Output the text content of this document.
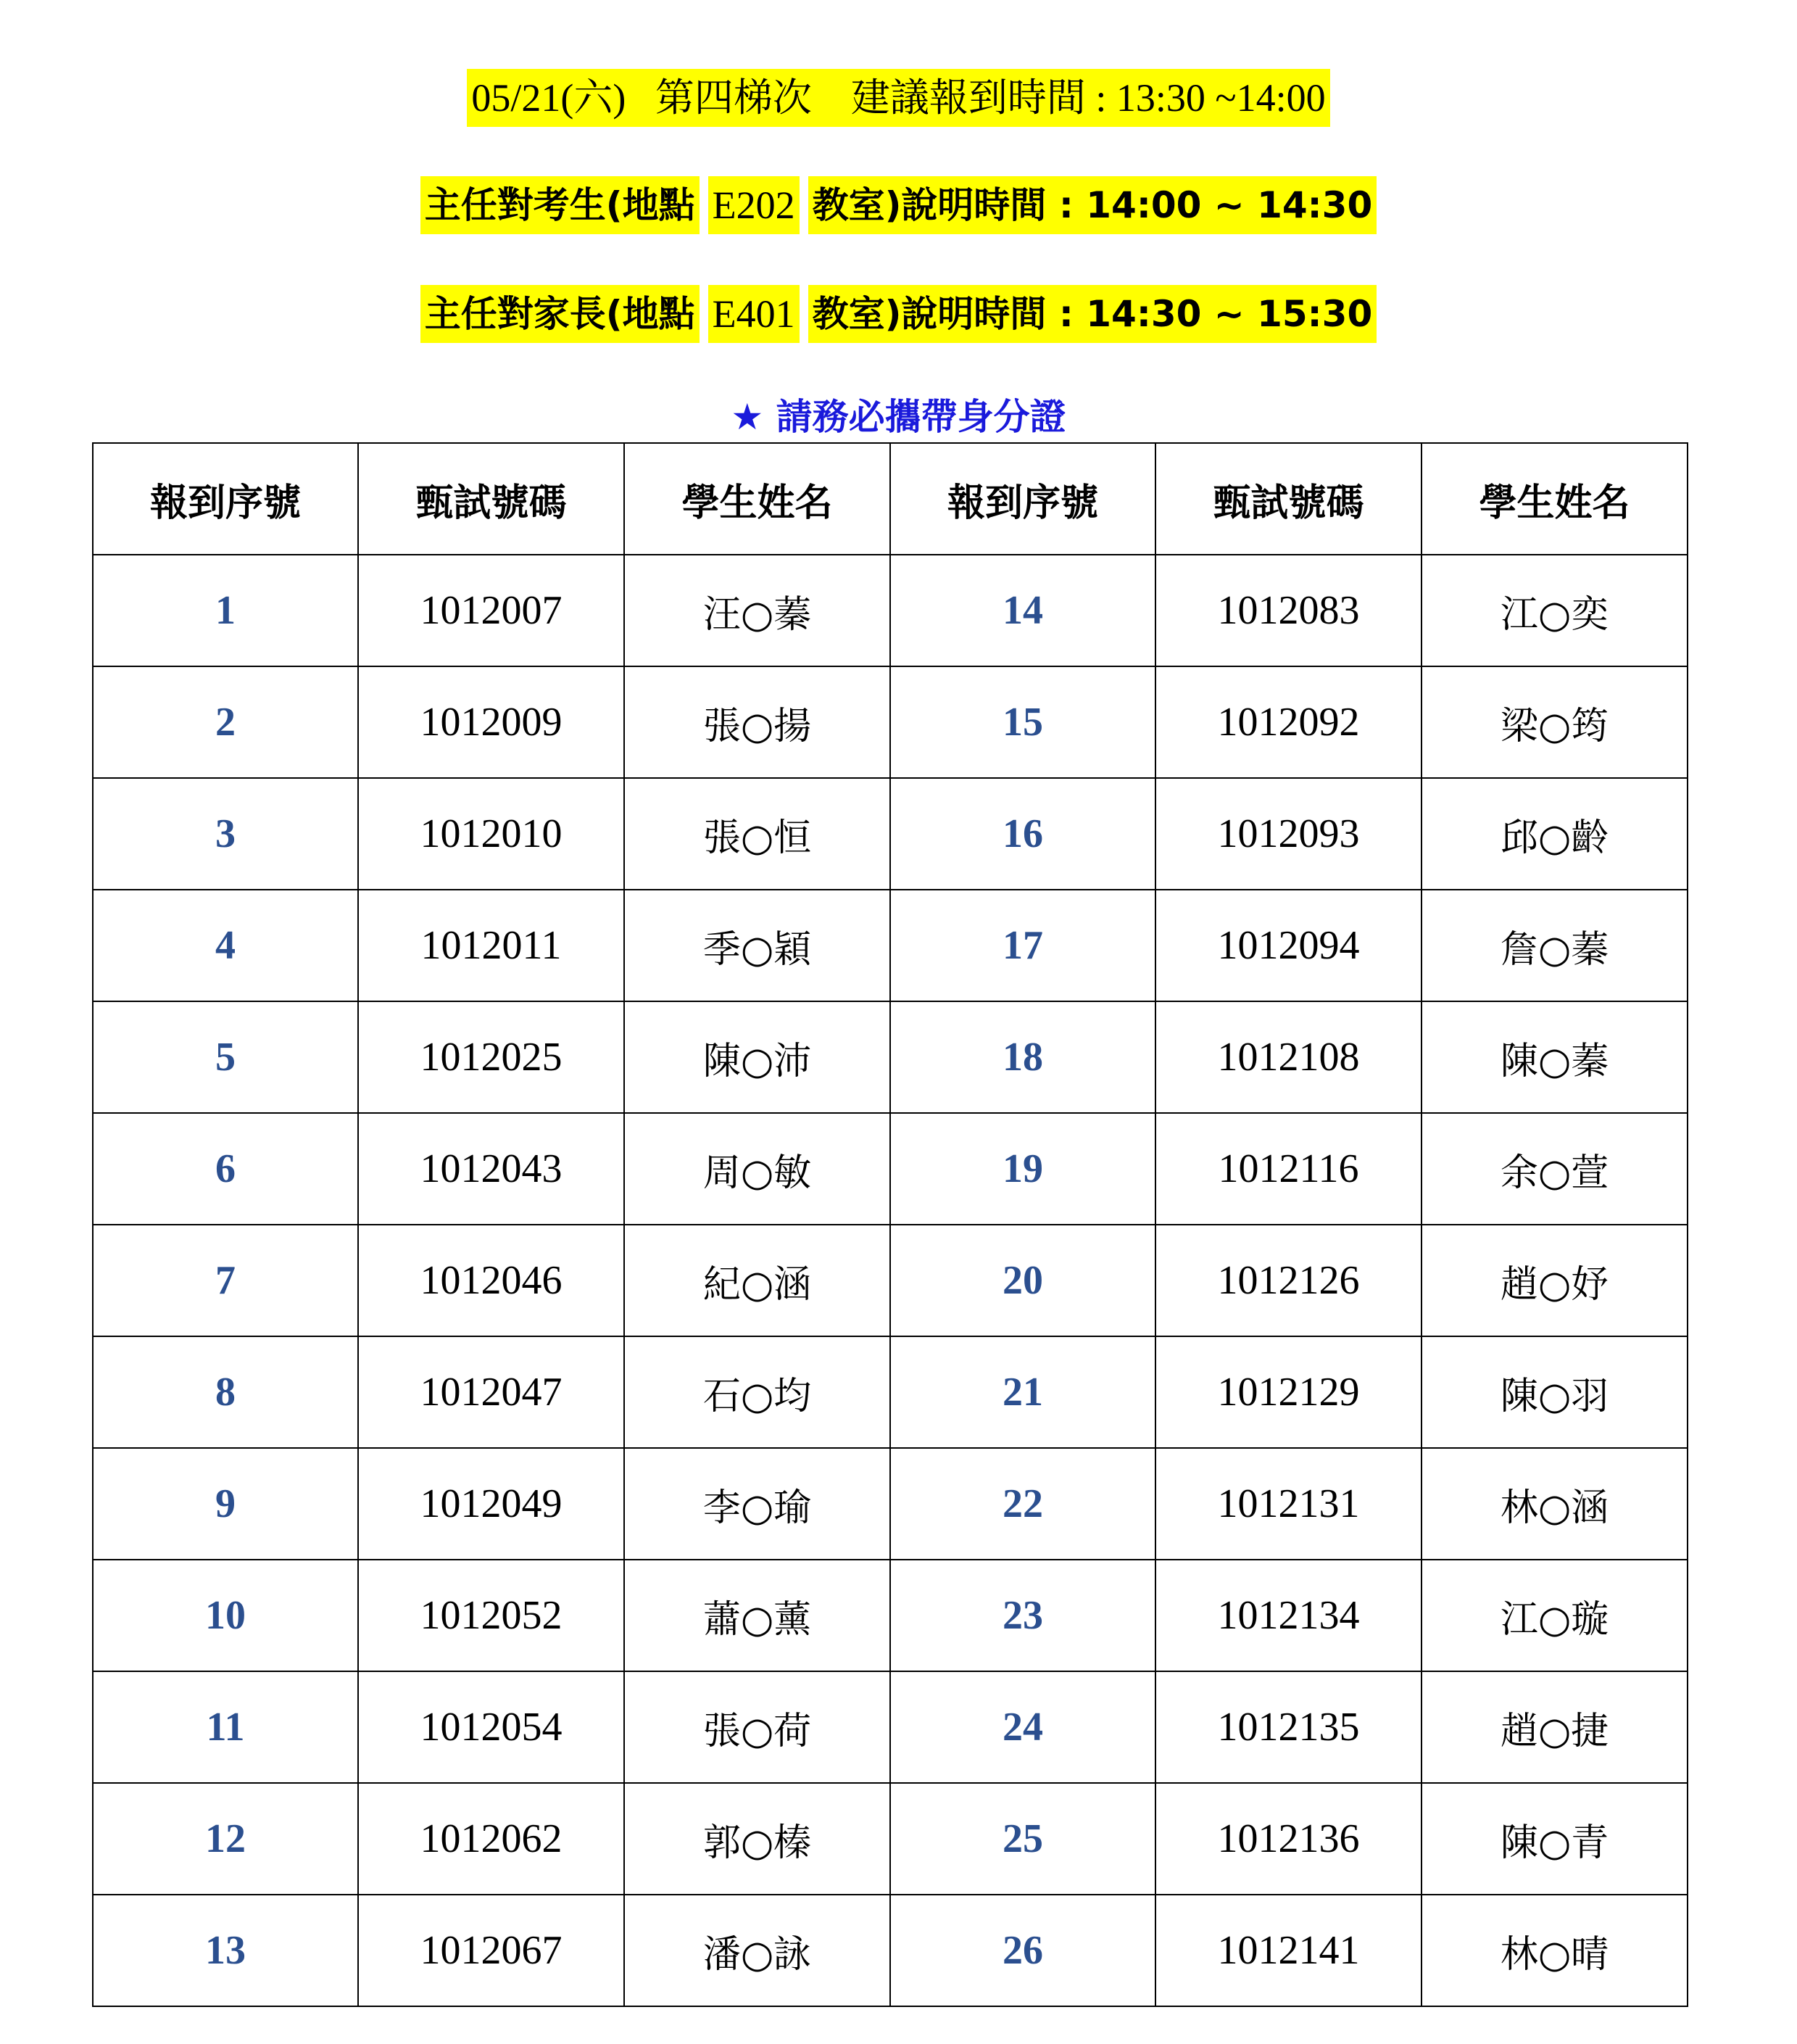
05/21(六)   第四梯次    建議報到時間 : 13:30 ~14:00
主任對考生(地點 E202 教室)說明時間 : 14:00 ~ 14:30
主任對家長(地點 E401 教室)說明時間 : 14:30 ~ 15:30
★ 請務必攜帶身分證
報到序號	甄試號碼	學生姓名	報到序號	甄試號碼	學生姓名
1	1012007	汪○蓁	14	1012083	江○奕
2	1012009	張○揚	15	1012092	梁○筠
3	1012010	張○恒	16	1012093	邱○齡
4	1012011	季○穎	17	1012094	詹○蓁
5	1012025	陳○沛	18	1012108	陳○蓁
6	1012043	周○敏	19	1012116	余○萱
7	1012046	紀○涵	20	1012126	趙○妤
8	1012047	石○均	21	1012129	陳○羽
9	1012049	李○瑜	22	1012131	林○涵
10	1012052	蕭○薰	23	1012134	江○璇
11	1012054	張○荷	24	1012135	趙○捷
12	1012062	郭○榛	25	1012136	陳○青
13	1012067	潘○詠	26	1012141	林○晴
